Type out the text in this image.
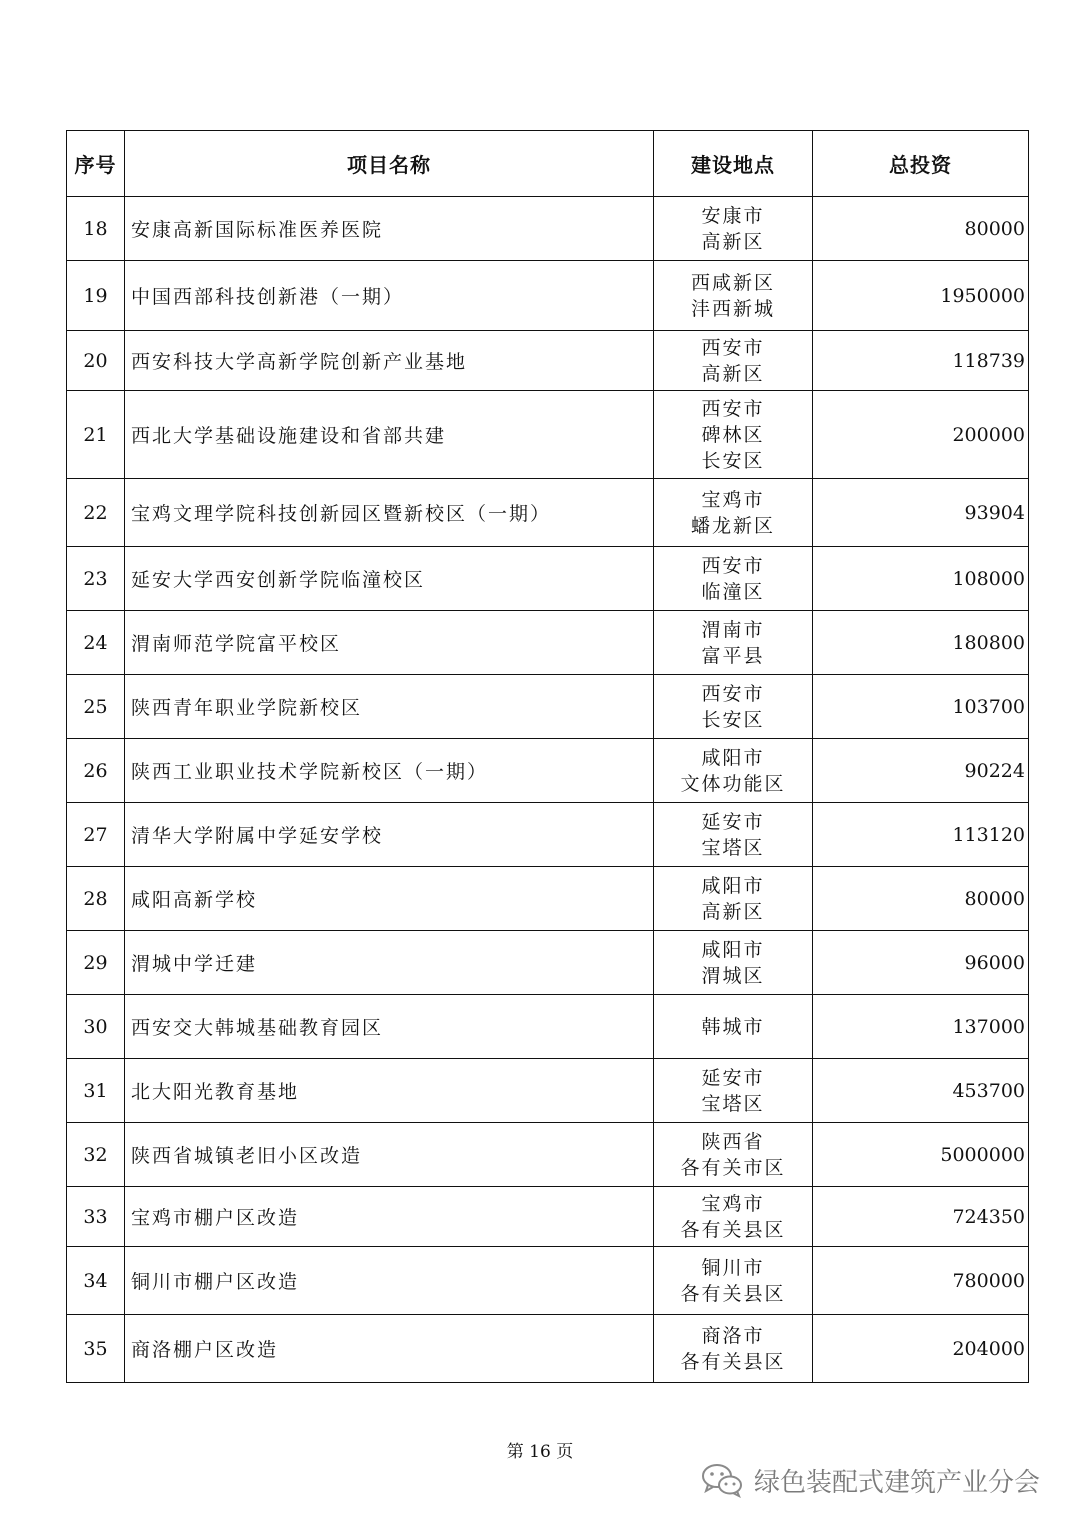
序号	项目名称	建设地点	总投资
18	安康高新国际标准医养医院	安康市
高新区	80000
19	中国西部科技创新港（一期）	西咸新区
沣西新城	1950000
20	西安科技大学高新学院创新产业基地	西安市
高新区	118739
21	西北大学基础设施建设和省部共建	西安市
碑林区
长安区	200000
22	宝鸡文理学院科技创新园区暨新校区（一期）	宝鸡市
蟠龙新区	93904
23	延安大学西安创新学院临潼校区	西安市
临潼区	108000
24	渭南师范学院富平校区	渭南市
富平县	180800
25	陕西青年职业学院新校区	西安市
长安区	103700
26	陕西工业职业技术学院新校区（一期）	咸阳市
文体功能区	90224
27	清华大学附属中学延安学校	延安市
宝塔区	113120
28	咸阳高新学校	咸阳市
高新区	80000
29	渭城中学迁建	咸阳市
渭城区	96000
30	西安交大韩城基础教育园区	韩城市	137000
31	北大阳光教育基地	延安市
宝塔区	453700
32	陕西省城镇老旧小区改造	陕西省
各有关市区	5000000
33	宝鸡市棚户区改造	宝鸡市
各有关县区	724350
34	铜川市棚户区改造	铜川市
各有关县区	780000
35	商洛棚户区改造	商洛市
各有关县区	204000
第 16 页
绿色装配式建筑产业分会
